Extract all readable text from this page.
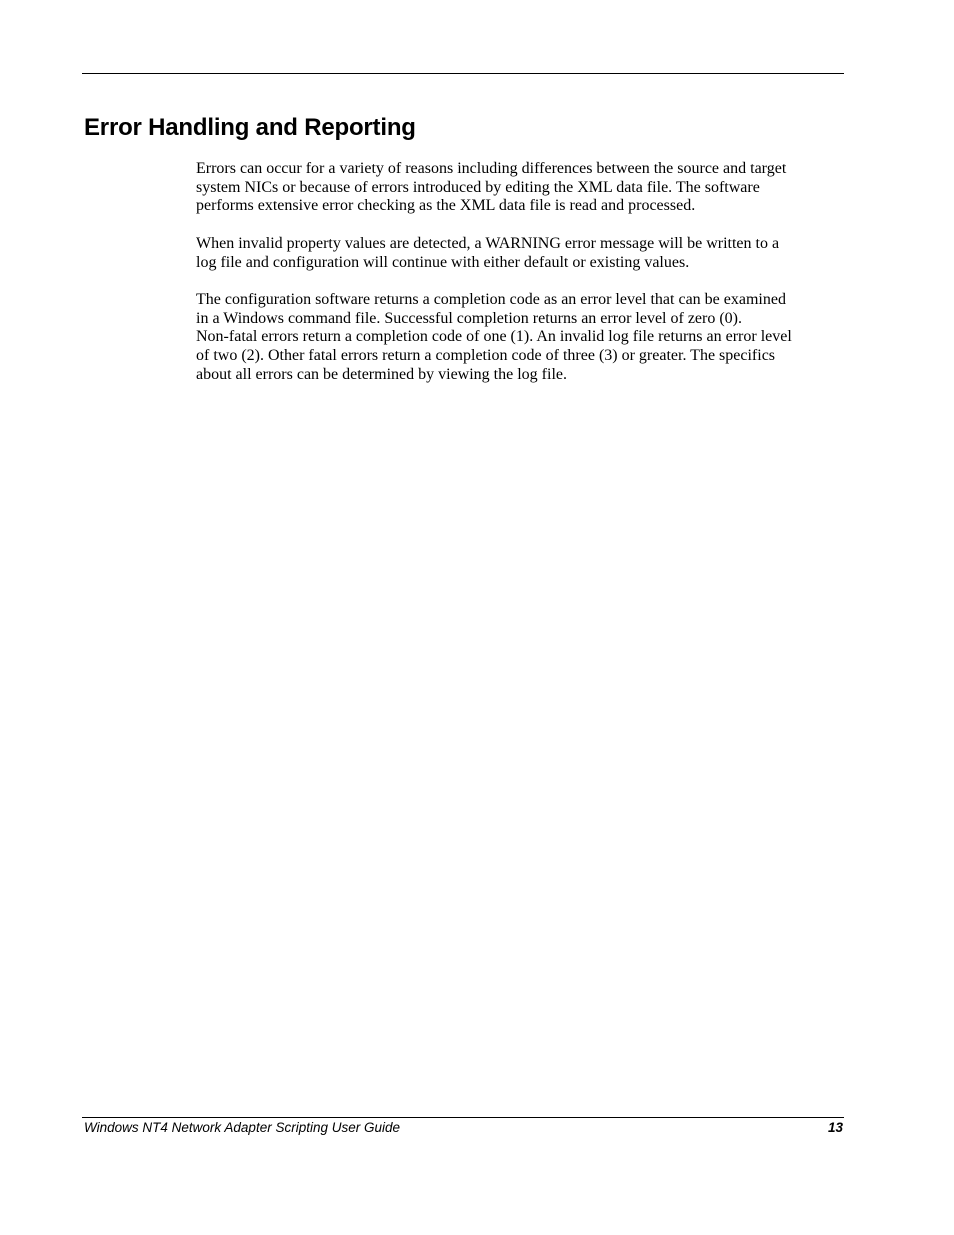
Error Handling and Reporting

Errors can occur for a variety of reasons including differences between the source and target
system NICs or because of errors introduced by editing the XML data file. The software
performs extensive error checking as the XML data file is read and processed.

When invalid property values are detected, a WARNING error message will be written to a
log file and configuration will continue with either default or existing values.

The configuration software returns a completion code as an error level that can be examined
in a Windows command file. Successful completion returns an error level of zero (0).
Non-fatal errors return a completion code of one (1). An invalid log file returns an error level
of two (2). Other fatal errors return a completion code of three (3) or greater. The specifics
about all errors can be determined by viewing the log file.

Windows NT4 Network Adapter Scripting User Guide	13
